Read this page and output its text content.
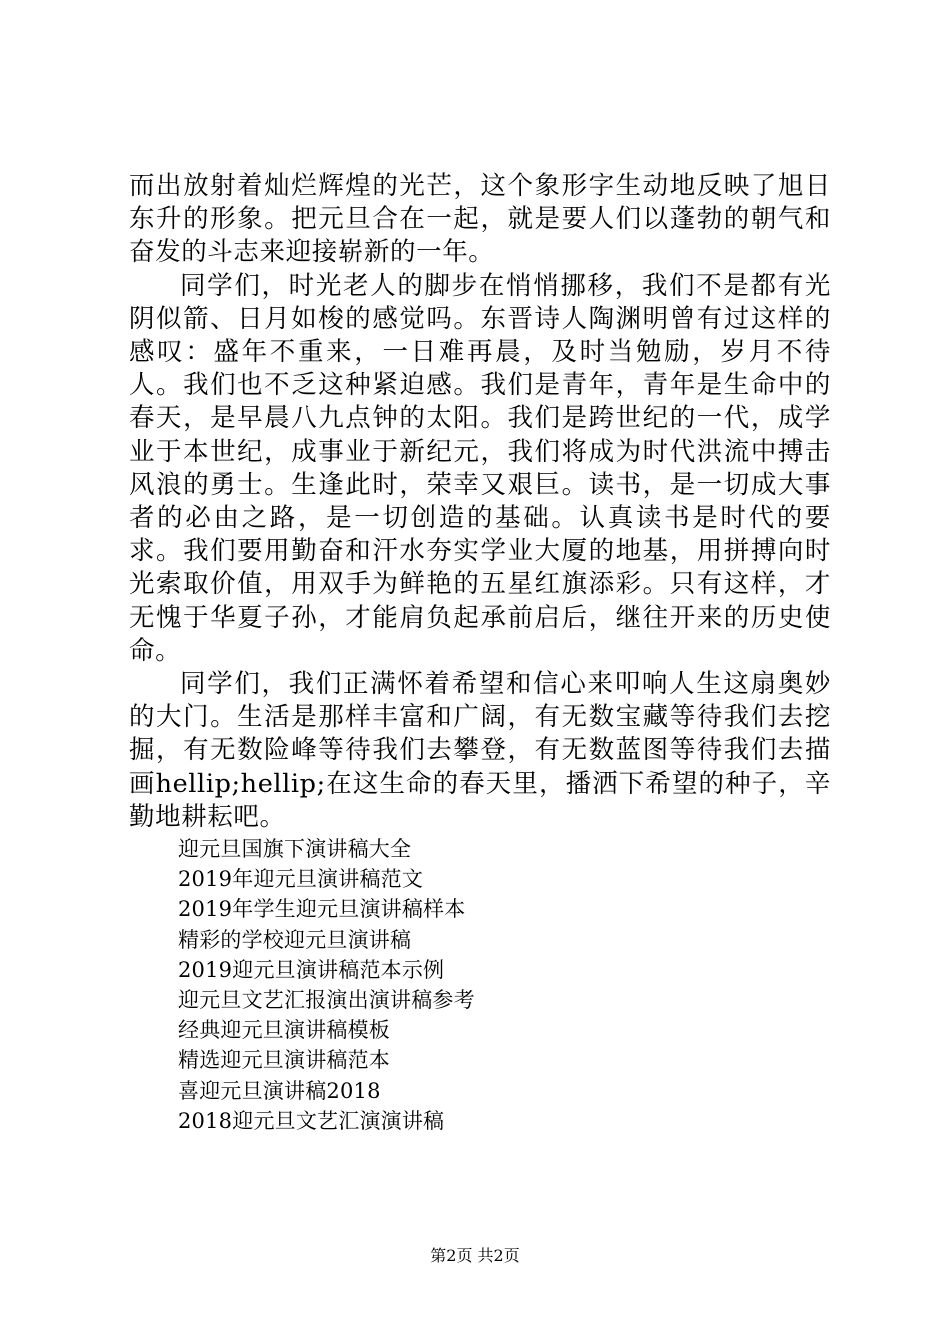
而出放射着灿烂辉煌的光芒，这个象形字生动地反映了旭日东升的形象。把元旦合在一起，就是要人们以蓬勃的朝气和奋发的斗志来迎接崭新的一年。

同学们，时光老人的脚步在悄悄挪移，我们不是都有光阴似箭、日月如梭的感觉吗。东晋诗人陶渊明曾有过这样的感叹：盛年不重来，一日难再晨，及时当勉励，岁月不待人。我们也不乏这种紧迫感。我们是青年，青年是生命中的春天，是早晨八九点钟的太阳。我们是跨世纪的一代，成学业于本世纪，成事业于新纪元，我们将成为时代洪流中搏击风浪的勇士。生逢此时，荣幸又艰巨。读书，是一切成大事者的必由之路，是一切创造的基础。认真读书是时代的要求。我们要用勤奋和汗水夯实学业大厦的地基，用拼搏向时光索取价值，用双手为鲜艳的五星红旗添彩。只有这样，才无愧于华夏子孙，才能肩负起承前启后，继往开来的历史使命。

同学们，我们正满怀着希望和信心来叩响人生这扇奥妙的大门。生活是那样丰富和广阔，有无数宝藏等待我们去挖掘，有无数险峰等待我们去攀登，有无数蓝图等待我们去描画hellip;hellip;在这生命的春天里，播洒下希望的种子，辛勤地耕耘吧。

迎元旦国旗下演讲稿大全
2019年迎元旦演讲稿范文
2019年学生迎元旦演讲稿样本
精彩的学校迎元旦演讲稿
2019迎元旦演讲稿范本示例
迎元旦文艺汇报演出演讲稿参考
经典迎元旦演讲稿模板
精选迎元旦演讲稿范本
喜迎元旦演讲稿2018
2018迎元旦文艺汇演演讲稿
第2页 共2页
